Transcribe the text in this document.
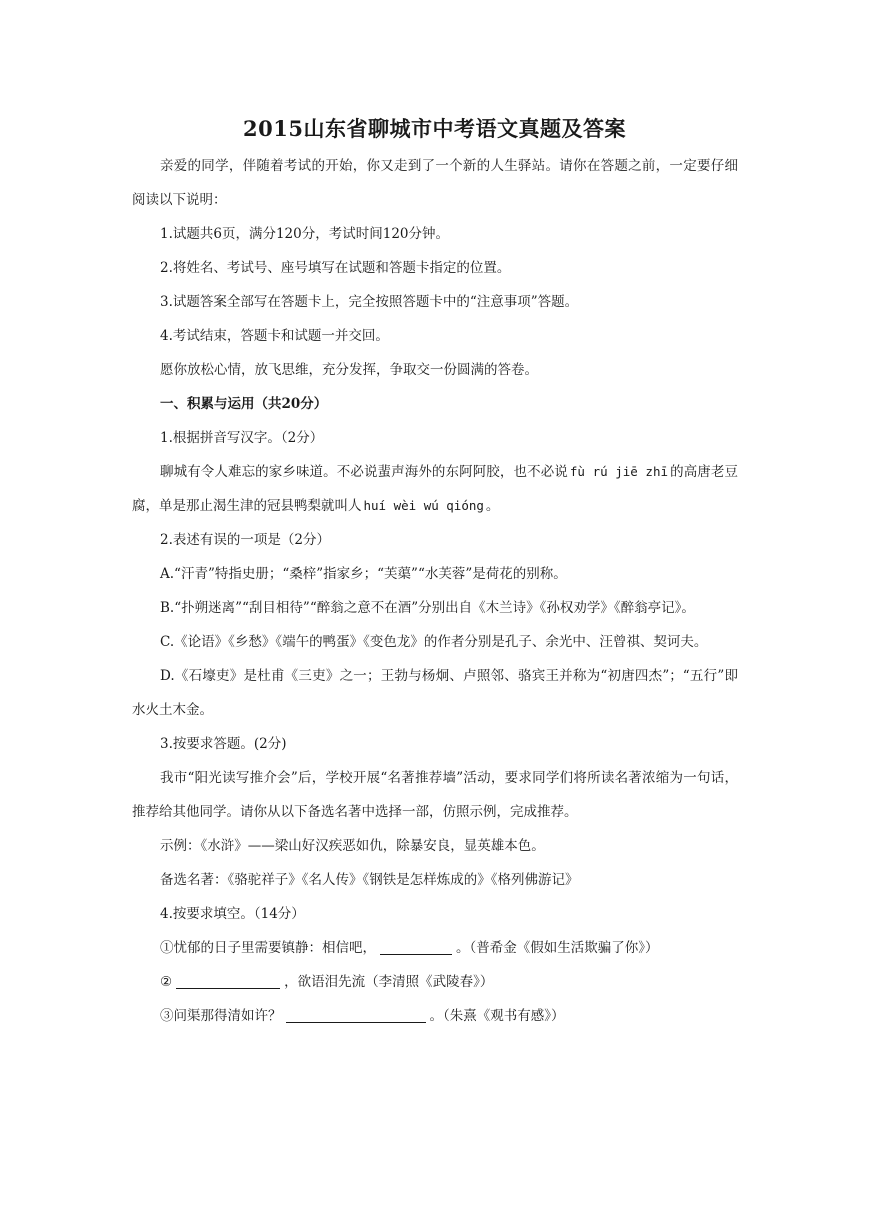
2015山东省聊城市中考语文真题及答案

亲爱的同学，伴随着考试的开始，你又走到了一个新的人生驿站。请你在答题之前，一定要仔细阅读以下说明：

1.试题共6页，满分120分，考试时间120分钟。

2.将姓名、考试号、座号填写在试题和答题卡指定的位置。

3.试题答案全部写在答题卡上，完全按照答题卡中的“注意事项”答题。

4.考试结束，答题卡和试题一并交回。

愿你放松心情，放飞思维，充分发挥，争取交一份圆满的答卷。

一、积累与运用（共20分）

1.根据拼音写汉字。（2分）

聊城有令人难忘的家乡味道。不必说蜚声海外的东阿阿胶，也不必说 fù rú jiē zhī 的高唐老豆腐，单是那止渴生津的冠县鸭梨就叫人 huí wèi wú qióng 。

2.表述有误的一项是（2分）

A.“汗青”特指史册；“桑梓”指家乡；“芙蕖”“水芙蓉”是荷花的别称。

B.“扑朔迷离”“刮目相待”“醉翁之意不在酒”分别出自《木兰诗》《孙权劝学》《醉翁亭记》。

C.《论语》《乡愁》《端午的鸭蛋》《变色龙》的作者分别是孔子、余光中、汪曾祺、契诃夫。

D.《石壕吏》是杜甫《三吏》之一；王勃与杨炯、卢照邻、骆宾王并称为“初唐四杰”；“五行”即水火土木金。

3.按要求答题。(2分)

我市“阳光读写推介会”后，学校开展“名著推荐墙”活动，要求同学们将所读名著浓缩为一句话，推荐给其他同学。请你从以下备选名著中选择一部，仿照示例，完成推荐。

示例：《水浒》——梁山好汉疾恶如仇，除暴安良，显英雄本色。

备选名著：《骆驼祥子》《名人传》《钢铁是怎样炼成的》《格列佛游记》

4.按要求填空。（14分）

①忧郁的日子里需要镇静：相信吧，	。（普希金《假如生活欺骗了你》）

②	，欲语泪先流（李清照《武陵春》）

③问渠那得清如许？	。（朱熹《观书有感》）
